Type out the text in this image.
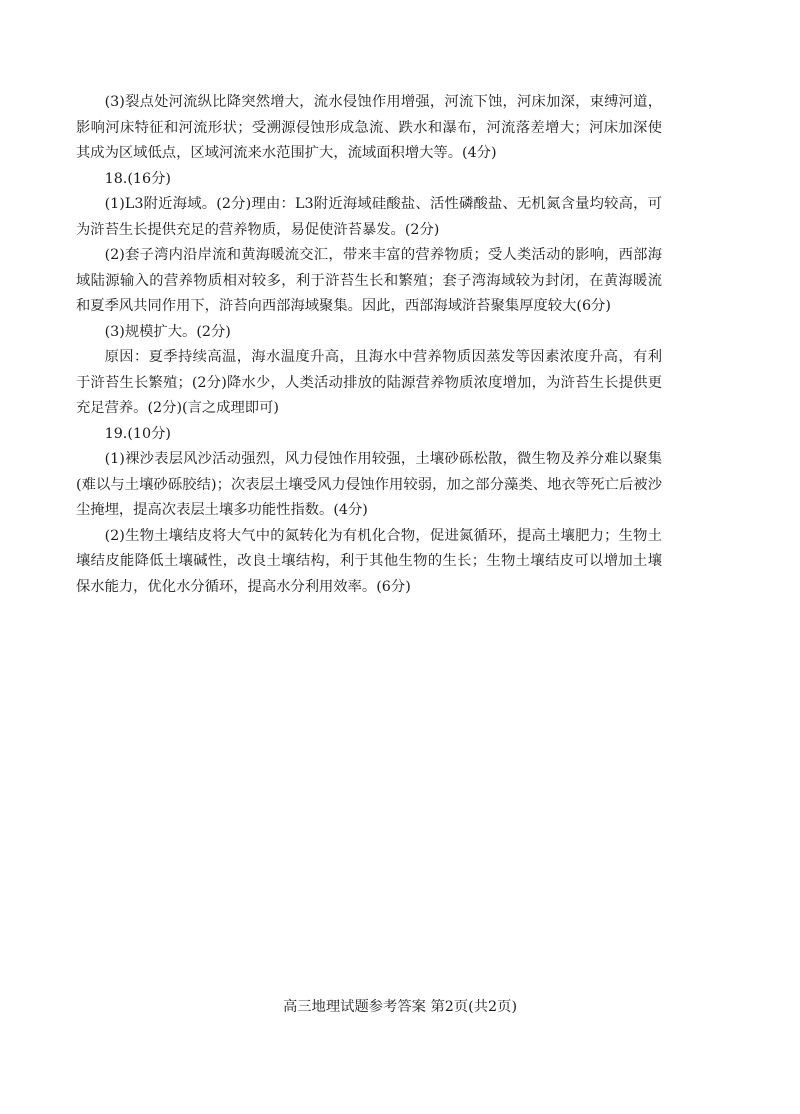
(3)裂点处河流纵比降突然增大，流水侵蚀作用增强，河流下蚀，河床加深，束缚河道，影响河床特征和河流形状；受溯源侵蚀形成急流、跌水和瀑布，河流落差增大；河床加深使其成为区域低点，区域河流来水范围扩大，流域面积增大等。(4分)

18.(16分)

(1)L3附近海域。(2分)理由：L3附近海域硅酸盐、活性磷酸盐、无机氮含量均较高，可为浒苔生长提供充足的营养物质，易促使浒苔暴发。(2分)

(2)套子湾内沿岸流和黄海暖流交汇，带来丰富的营养物质；受人类活动的影响，西部海域陆源输入的营养物质相对较多，利于浒苔生长和繁殖；套子湾海域较为封闭，在黄海暖流和夏季风共同作用下，浒苔向西部海域聚集。因此，西部海域浒苔聚集厚度较大(6分)

(3)规模扩大。(2分)

原因：夏季持续高温，海水温度升高，且海水中营养物质因蒸发等因素浓度升高，有利于浒苔生长繁殖；(2分)降水少，人类活动排放的陆源营养物质浓度增加，为浒苔生长提供更充足营养。(2分)(言之成理即可)

19.(10分)

(1)裸沙表层风沙活动强烈，风力侵蚀作用较强，土壤砂砾松散，微生物及养分难以聚集(难以与土壤砂砾胶结)；次表层土壤受风力侵蚀作用较弱，加之部分藻类、地衣等死亡后被沙尘掩埋，提高次表层土壤多功能性指数。(4分)

(2)生物土壤结皮将大气中的氮转化为有机化合物，促进氮循环，提高土壤肥力；生物土壤结皮能降低土壤碱性，改良土壤结构，利于其他生物的生长；生物土壤结皮可以增加土壤保水能力，优化水分循环，提高水分利用效率。(6分)

高三地理试题参考答案 第2页(共2页)
